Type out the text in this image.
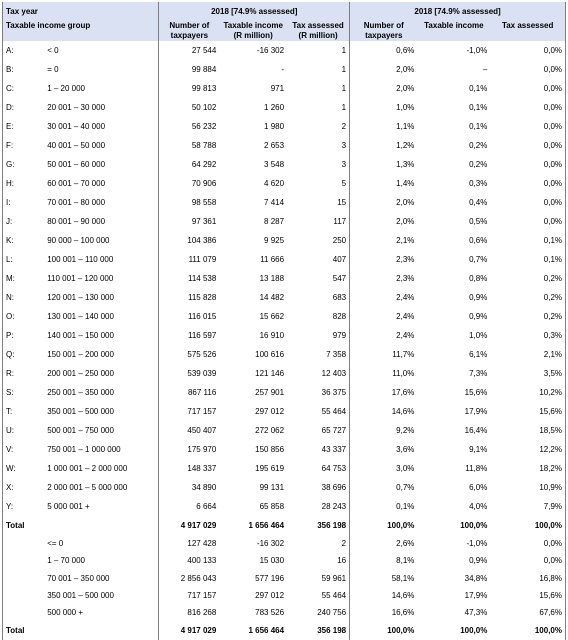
Tax year		2018 [74.9% assessed]			2018 [74.9% assessed]		
Taxable income group		Number of taxpayers	Taxable income (R million)	Tax assessed (R million)	Number of taxpayers	Taxable income	Tax assessed
A:	< 0	27 544	-16 302	1	0,6%	-1,0%	0,0%
B:	= 0	99 884	-	1	2,0%	–	0,0%
C:	1 – 20 000	99 813	971	1	2,0%	0,1%	0,0%
D:	20 001 – 30 000	50 102	1 260	1	1,0%	0,1%	0,0%
E:	30 001 – 40 000	56 232	1 980	2	1,1%	0,1%	0,0%
F:	40 001 – 50 000	58 788	2 653	3	1,2%	0,2%	0,0%
G:	50 001 – 60 000	64 292	3 548	3	1,3%	0,2%	0,0%
H:	60 001 – 70 000	70 906	4 620	5	1,4%	0,3%	0,0%
I:	70 001 – 80 000	98 558	7 414	15	2,0%	0,4%	0,0%
J:	80 001 – 90 000	97 361	8 287	117	2,0%	0,5%	0,0%
K:	90 000 – 100 000	104 386	9 925	250	2,1%	0,6%	0,1%
L:	100 001 – 110 000	111 079	11 666	407	2,3%	0,7%	0,1%
M:	110 001 – 120 000	114 538	13 188	547	2,3%	0,8%	0,2%
N:	120 001 – 130 000	115 828	14 482	683	2,4%	0,9%	0,2%
O:	130 001 – 140 000	116 015	15 662	828	2,4%	0,9%	0,2%
P:	140 001 – 150 000	116 597	16 910	979	2,4%	1,0%	0,3%
Q:	150 001 – 200 000	575 526	100 616	7 358	11,7%	6,1%	2,1%
R:	200 001 – 250 000	539 039	121 146	12 403	11,0%	7,3%	3,5%
S:	250 001 – 350 000	867 116	257 901	36 375	17,6%	15,6%	10,2%
T:	350 001 – 500 000	717 157	297 012	55 464	14,6%	17,9%	15,6%
U:	500 001 – 750 000	450 407	272 062	65 727	9,2%	16,4%	18,5%
V:	750 001 – 1 000 000	175 970	150 856	43 337	3,6%	9,1%	12,2%
W:	1 000 001 – 2 000 000	148 337	195 619	64 753	3,0%	11,8%	18,2%
X:	2 000 001 – 5 000 000	34 890	99 131	38 696	0,7%	6,0%	10,9%
Y:	5 000 001 +	6 664	65 858	28 243	0,1%	4,0%	7,9%
Total		4 917 029	1 656 464	356 198	100,0%	100,0%	100,0%
	<= 0	127 428	-16 302	2	2,6%	-1,0%	0,0%
	1 – 70 000	400 133	15 030	16	8,1%	0,9%	0,0%
	70 001 – 350 000	2 856 043	577 196	59 961	58,1%	34,8%	16,8%
	350 001 – 500 000	717 157	297 012	55 464	14,6%	17,9%	15,6%
	500 000 +	816 268	783 526	240 756	16,6%	47,3%	67,6%
Total		4 917 029	1 656 464	356 198	100,0%	100,0%	100,0%
